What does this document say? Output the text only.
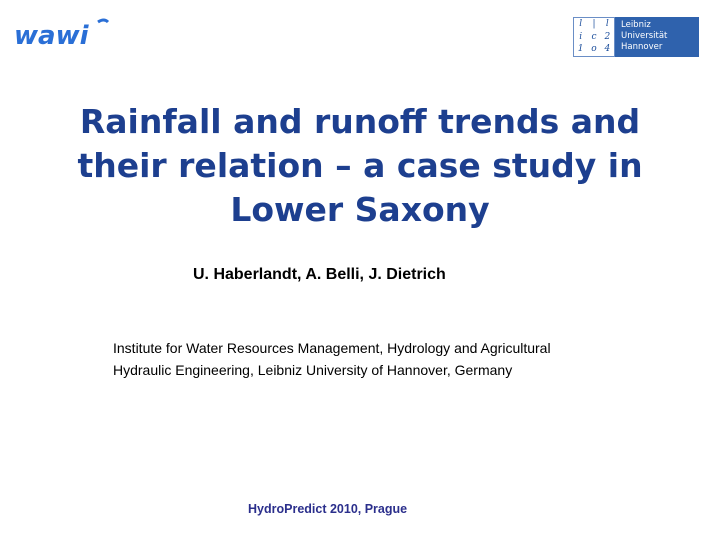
wawi	l	|	l
i	c 2
1 o 4
Leibniz
Universität
Hannover
Rainfall and runoff trends and
their relation – a case study in
Lower Saxony
U. Haberlandt, A. Belli, J. Dietrich
Institute for Water Resources Management, Hydrology and Agricultural
Hydraulic Engineering, Leibniz University of Hannover, Germany
HydroPredict 2010, Prague
